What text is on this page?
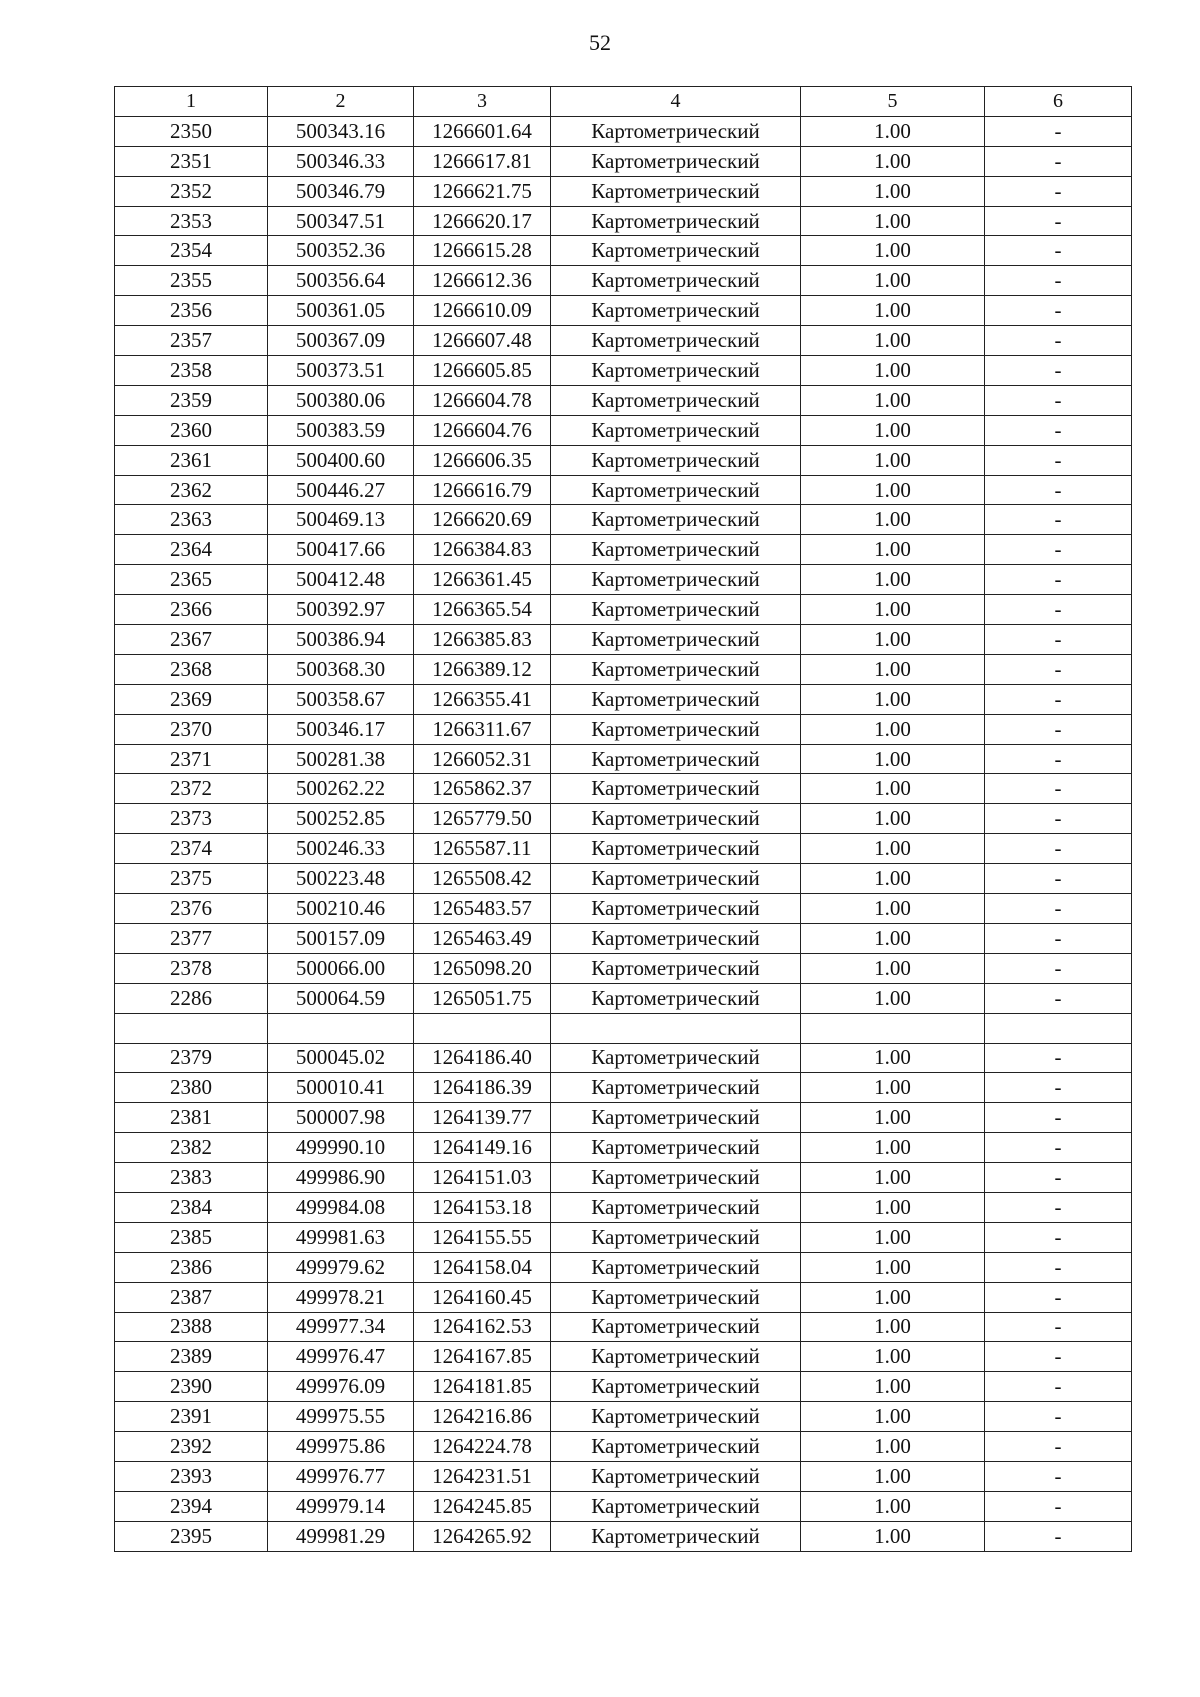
52
1	2	3	4	5	6
2350	500343.16	1266601.64	Картометрический	1.00	-
2351	500346.33	1266617.81	Картометрический	1.00	-
2352	500346.79	1266621.75	Картометрический	1.00	-
2353	500347.51	1266620.17	Картометрический	1.00	-
2354	500352.36	1266615.28	Картометрический	1.00	-
2355	500356.64	1266612.36	Картометрический	1.00	-
2356	500361.05	1266610.09	Картометрический	1.00	-
2357	500367.09	1266607.48	Картометрический	1.00	-
2358	500373.51	1266605.85	Картометрический	1.00	-
2359	500380.06	1266604.78	Картометрический	1.00	-
2360	500383.59	1266604.76	Картометрический	1.00	-
2361	500400.60	1266606.35	Картометрический	1.00	-
2362	500446.27	1266616.79	Картометрический	1.00	-
2363	500469.13	1266620.69	Картометрический	1.00	-
2364	500417.66	1266384.83	Картометрический	1.00	-
2365	500412.48	1266361.45	Картометрический	1.00	-
2366	500392.97	1266365.54	Картометрический	1.00	-
2367	500386.94	1266385.83	Картометрический	1.00	-
2368	500368.30	1266389.12	Картометрический	1.00	-
2369	500358.67	1266355.41	Картометрический	1.00	-
2370	500346.17	1266311.67	Картометрический	1.00	-
2371	500281.38	1266052.31	Картометрический	1.00	-
2372	500262.22	1265862.37	Картометрический	1.00	-
2373	500252.85	1265779.50	Картометрический	1.00	-
2374	500246.33	1265587.11	Картометрический	1.00	-
2375	500223.48	1265508.42	Картометрический	1.00	-
2376	500210.46	1265483.57	Картометрический	1.00	-
2377	500157.09	1265463.49	Картометрический	1.00	-
2378	500066.00	1265098.20	Картометрический	1.00	-
2286	500064.59	1265051.75	Картометрический	1.00	-

2379	500045.02	1264186.40	Картометрический	1.00	-
2380	500010.41	1264186.39	Картометрический	1.00	-
2381	500007.98	1264139.77	Картометрический	1.00	-
2382	499990.10	1264149.16	Картометрический	1.00	-
2383	499986.90	1264151.03	Картометрический	1.00	-
2384	499984.08	1264153.18	Картометрический	1.00	-
2385	499981.63	1264155.55	Картометрический	1.00	-
2386	499979.62	1264158.04	Картометрический	1.00	-
2387	499978.21	1264160.45	Картометрический	1.00	-
2388	499977.34	1264162.53	Картометрический	1.00	-
2389	499976.47	1264167.85	Картометрический	1.00	-
2390	499976.09	1264181.85	Картометрический	1.00	-
2391	499975.55	1264216.86	Картометрический	1.00	-
2392	499975.86	1264224.78	Картометрический	1.00	-
2393	499976.77	1264231.51	Картометрический	1.00	-
2394	499979.14	1264245.85	Картометрический	1.00	-
2395	499981.29	1264265.92	Картометрический	1.00	-
